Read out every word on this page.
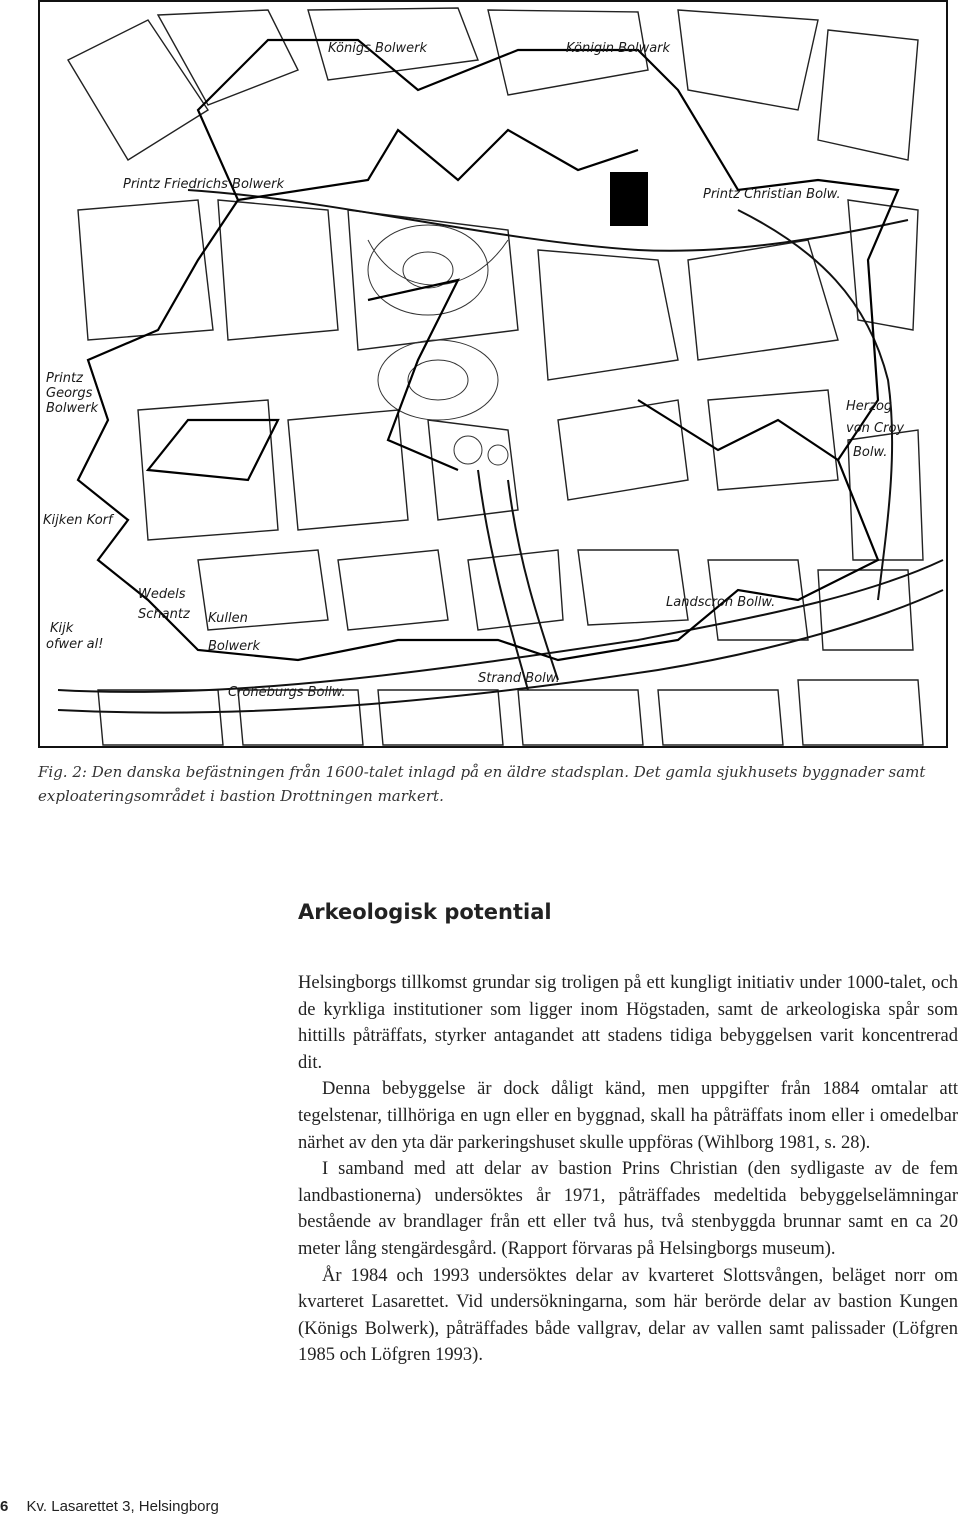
Königs Bolwerk	Königin Bolwark
Printz Friedrichs Bolwerk
Printz Christian Bolw.
Printz
Georgs
Bolwerk	Herzog
von Croy
Bolw.
Kijken Korf
Wedels
Schantz Kullen
Bolwerk
Kijk
ofwer al!
Landscron Bollw.
Strand Bolw.
Croneburgs Bollw.
Fig. 2: Den danska befästningen från 1600-talet inlagd på en äldre stadsplan. Det gamla sjukhusets byggnader samt exploateringsområdet i bastion Drottningen markert.
Arkeologisk potential

Helsingborgs tillkomst grundar sig troligen på ett kungligt initiativ under 1000-talet, och de kyrkliga institutioner som ligger inom Högstaden, samt de arkeologiska spår som hittills påträffats, styrker antagandet att stadens tidiga bebyggelsen varit koncentrerad dit.

Denna bebyggelse är dock dåligt känd, men uppgifter från 1884 omtalar att tegelstenar, tillhöriga en ugn eller en byggnad, skall ha påträffats inom eller i omedelbar närhet av den yta där parkeringshuset skulle uppföras (Wihlborg 1981, s. 28).

I samband med att delar av bastion Prins Christian (den sydligaste av de fem landbastionerna) undersöktes år 1971, påträffades medeltida bebyggelselämningar bestående av brandlager från ett eller två hus, två stenbyggda brunnar samt en ca 20 meter lång stengärdesgård. (Rapport förvaras på Helsingborgs museum).

År 1984 och 1993 undersöktes delar av kvarteret Slottsvången, beläget norr om kvarteret Lasarettet. Vid undersökningarna, som här berörde delar av bastion Kungen (Königs Bolwerk), påträffades både vallgrav, delar av vallen samt palissader (Löfgren 1985 och Löfgren 1993).

6 Kv. Lasarettet 3, Helsingborg
